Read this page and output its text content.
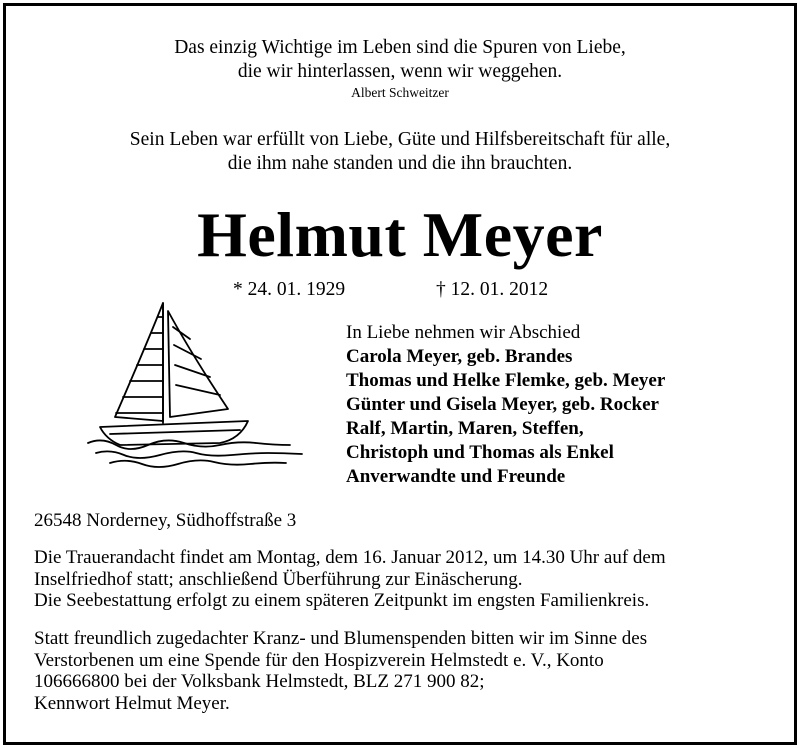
Das einzig Wichtige im Leben sind die Spuren von Liebe,
die wir hinterlassen, wenn wir weggehen.
Albert Schweitzer
Sein Leben war erfüllt von Liebe, Güte und Hilfsbereitschaft für alle,
die ihm nahe standen und die ihn brauchten.
Helmut Meyer
* 24. 01. 1929	† 12. 01. 2012
In Liebe nehmen wir Abschied
Carola Meyer, geb. Brandes
Thomas und Helke Flemke, geb. Meyer
Günter und Gisela Meyer, geb. Rocker
Ralf, Martin, Maren, Steffen,
Christoph und Thomas als Enkel
Anverwandte und Freunde
26548 Norderney, Südhoffstraße 3
Die Trauerandacht findet am Montag, dem 16. Januar 2012, um 14.30 Uhr auf dem
Inselfriedhof statt; anschließend Überführung zur Einäscherung.
Die Seebestattung erfolgt zu einem späteren Zeitpunkt im engsten Familienkreis.
Statt freundlich zugedachter Kranz- und Blumenspenden bitten wir im Sinne des
Verstorbenen um eine Spende für den Hospizverein Helmstedt e. V., Konto
106666800 bei der Volksbank Helmstedt, BLZ 271 900 82;
Kennwort Helmut Meyer.
